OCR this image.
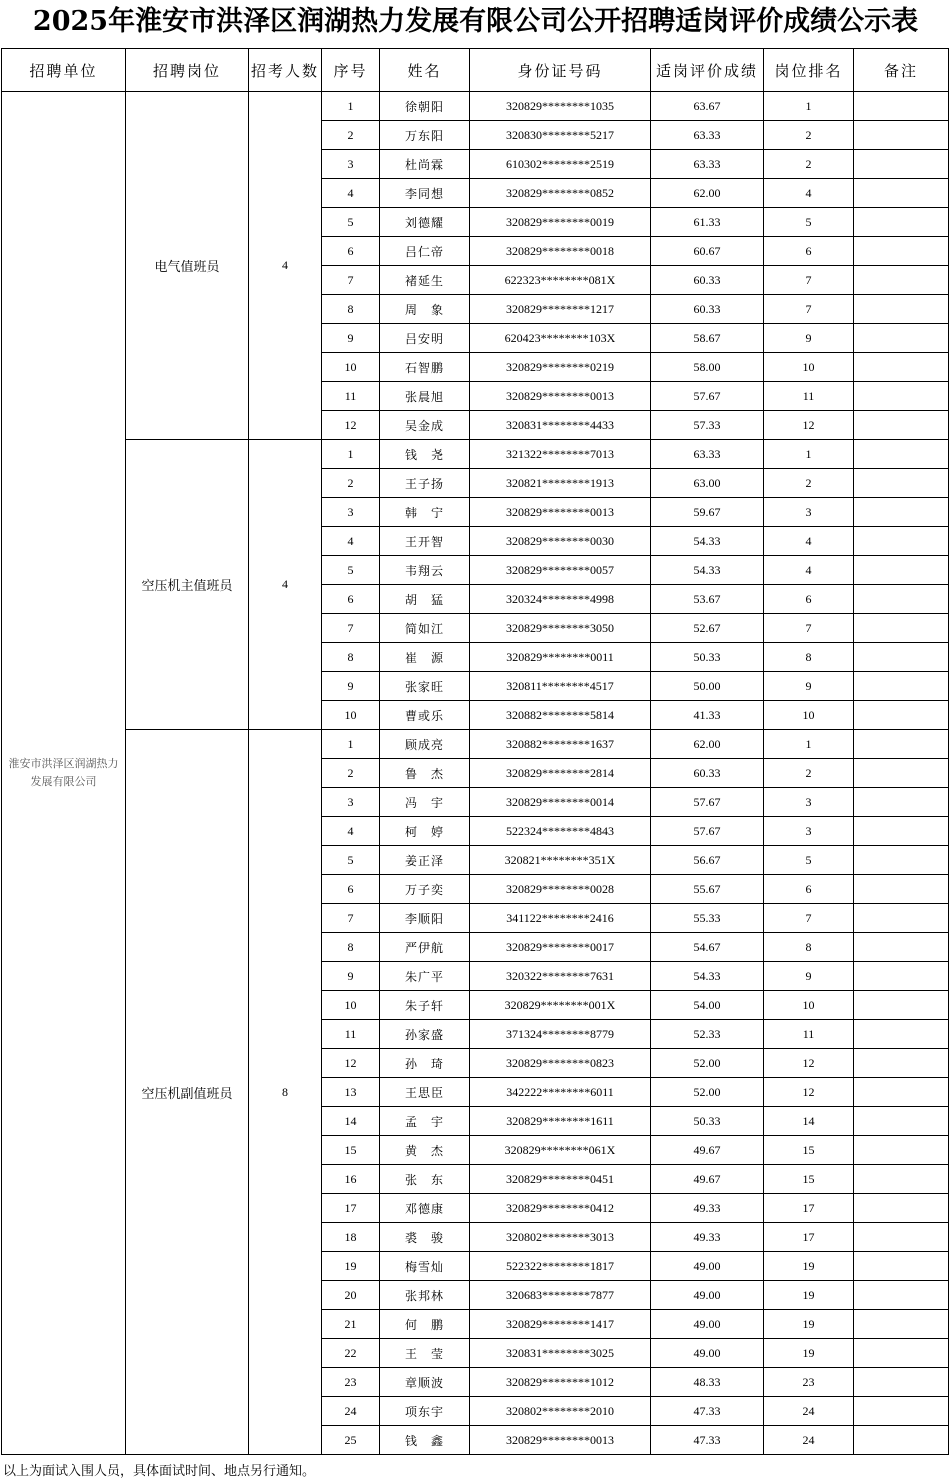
2025年淮安市洪泽区润湖热力发展有限公司公开招聘适岗评价成绩公示表
招聘单位	招聘岗位	招考人数	序号	姓名	身份证号码	适岗评价成绩	岗位排名	备注
淮安市洪泽区润湖热力发展有限公司	电气值班员	4	1	徐朝阳	320829********1035	63.67	1	
			2	万东阳	320830********5217	63.33	2	
			3	杜尚霖	610302********2519	63.33	2	
			4	李同想	320829********0852	62.00	4	
			5	刘德耀	320829********0019	61.33	5	
			6	吕仁帝	320829********0018	60.67	6	
			7	褚延生	622323********081X	60.33	7	
			8	周　象	320829********1217	60.33	7	
			9	吕安明	620423********103X	58.67	9	
			10	石智鹏	320829********0219	58.00	10	
			11	张晨旭	320829********0013	57.67	11	
			12	吴金成	320831********4433	57.33	12	
	空压机主值班员	4	1	钱　尧	321322********7013	63.33	1	
			2	王子扬	320821********1913	63.00	2	
			3	韩　宁	320829********0013	59.67	3	
			4	王开智	320829********0030	54.33	4	
			5	韦翔云	320829********0057	54.33	4	
			6	胡　猛	320324********4998	53.67	6	
			7	简如江	320829********3050	52.67	7	
			8	崔　源	320829********0011	50.33	8	
			9	张家旺	320811********4517	50.00	9	
			10	曹或乐	320882********5814	41.33	10	
	空压机副值班员	8	1	顾成亮	320882********1637	62.00	1	
			2	鲁　杰	320829********2814	60.33	2	
			3	冯　宇	320829********0014	57.67	3	
			4	柯　婷	522324********4843	57.67	3	
			5	姜正泽	320821********351X	56.67	5	
			6	万子奕	320829********0028	55.67	6	
			7	李顺阳	341122********2416	55.33	7	
			8	严伊航	320829********0017	54.67	8	
			9	朱广平	320322********7631	54.33	9	
			10	朱子轩	320829********001X	54.00	10	
			11	孙家盛	371324********8779	52.33	11	
			12	孙　琦	320829********0823	52.00	12	
			13	王思臣	342222********6011	52.00	12	
			14	孟　宇	320829********1611	50.33	14	
			15	黄　杰	320829********061X	49.67	15	
			16	张　东	320829********0451	49.67	15	
			17	邓德康	320829********0412	49.33	17	
			18	裘　骏	320802********3013	49.33	17	
			19	梅雪灿	522322********1817	49.00	19	
			20	张邦林	320683********7877	49.00	19	
			21	何　鹏	320829********1417	49.00	19	
			22	王　莹	320831********3025	49.00	19	
			23	章顺波	320829********1012	48.33	23	
			24	项东宇	320802********2010	47.33	24	
			25	钱　鑫	320829********0013	47.33	24	
以上为面试入围人员，具体面试时间、地点另行通知。
